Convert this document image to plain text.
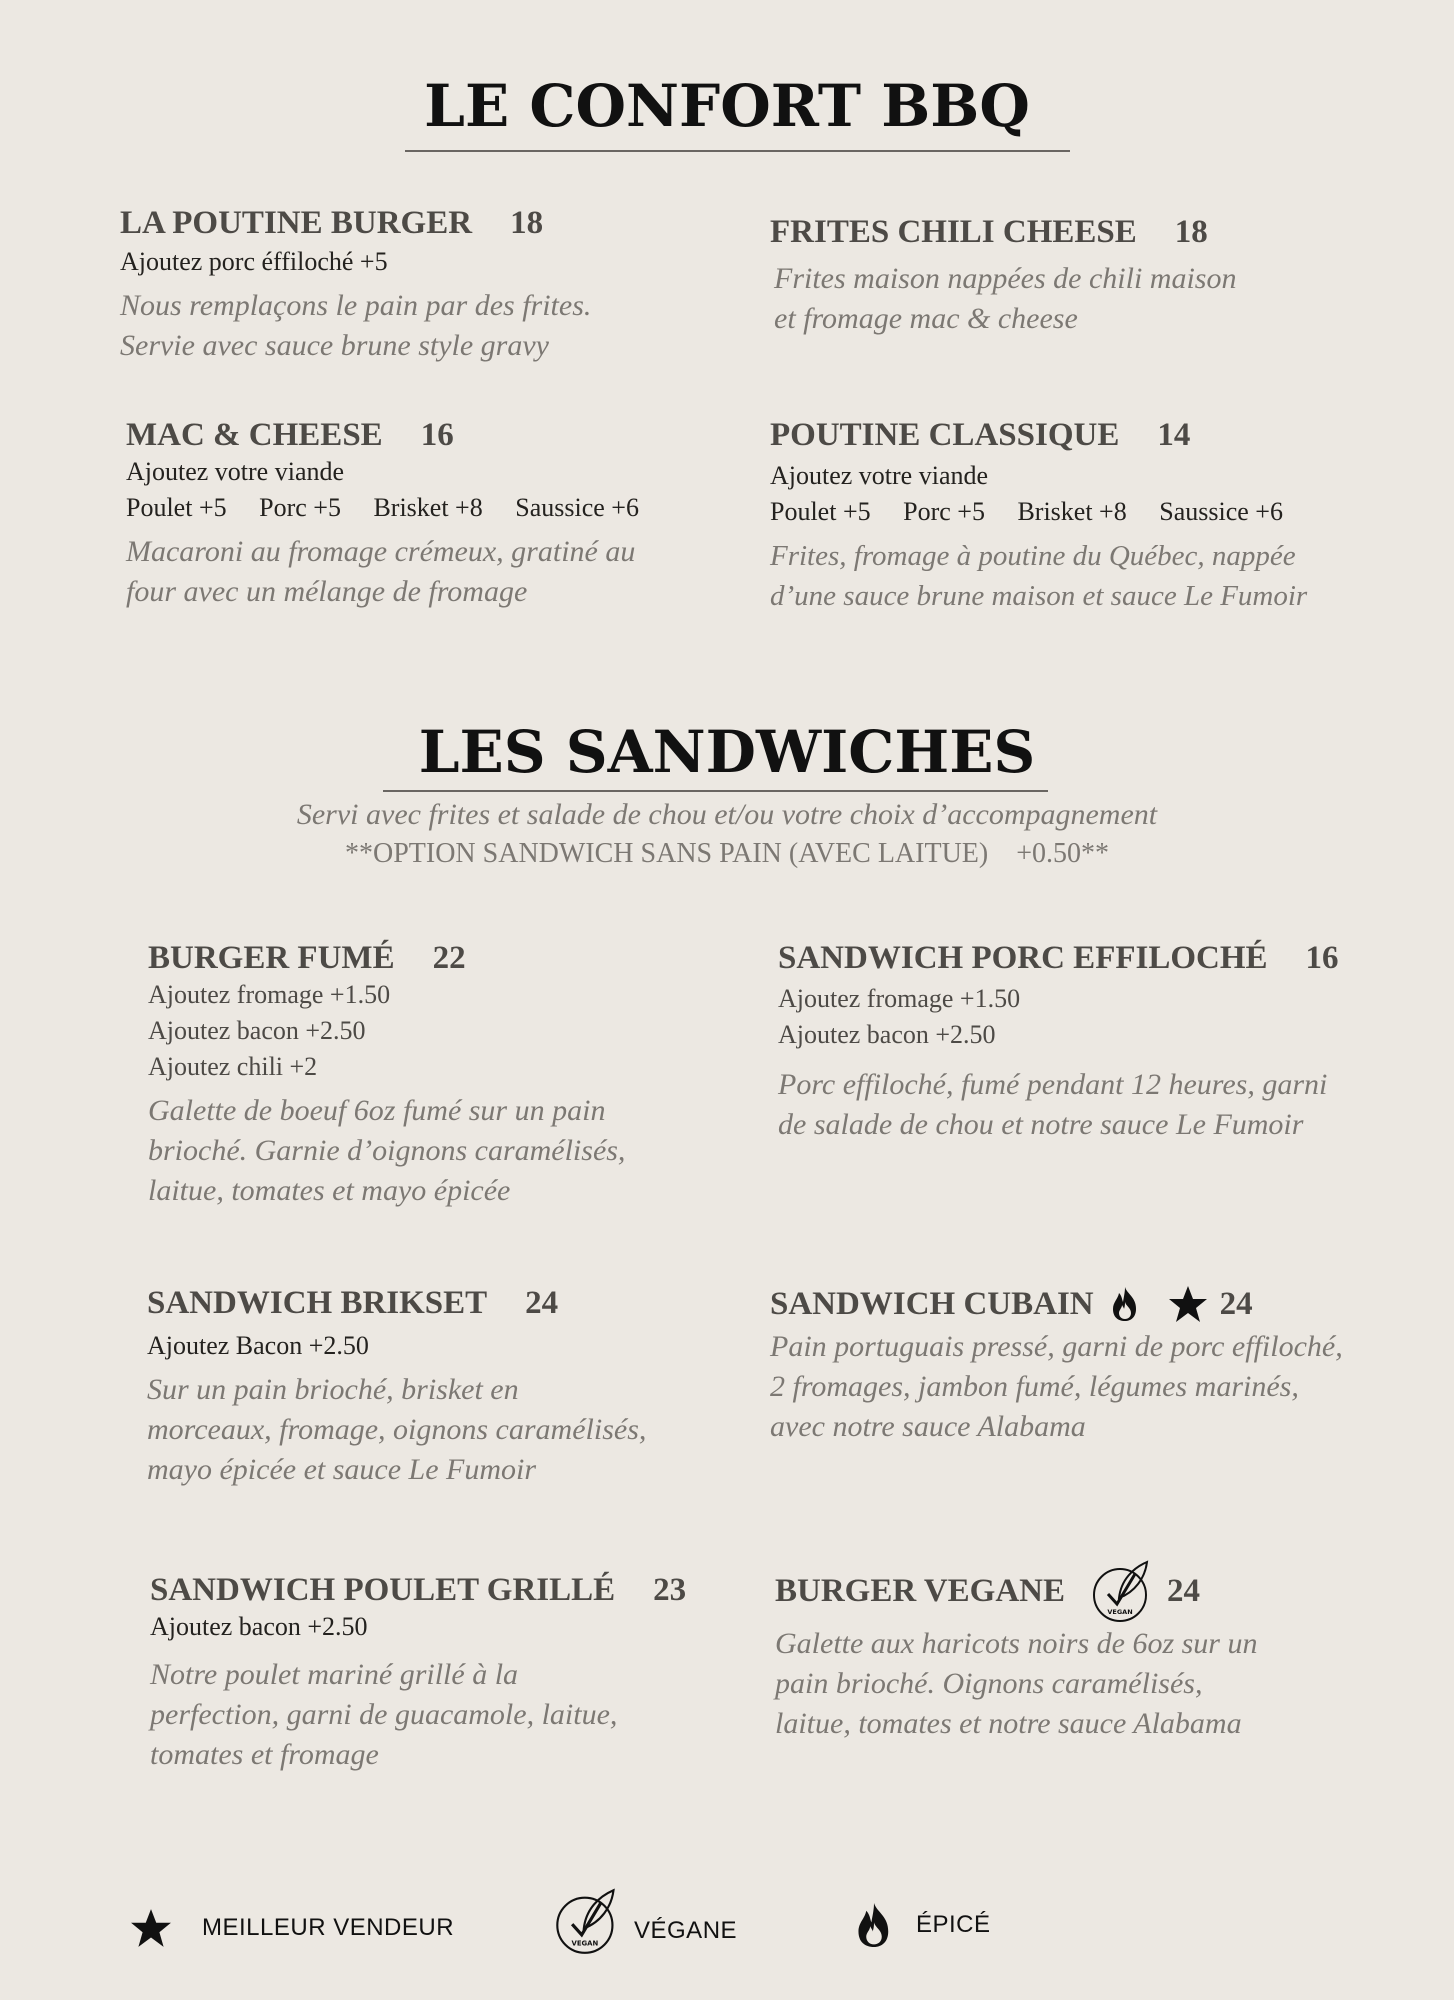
LE CONFORT BBQ
LA POUTINE BURGER 18
Ajoutez porc éffiloché +5
Nous remplaçons le pain par des frites.
Servie avec sauce brune style gravy
FRITES CHILI CHEESE 18
Frites maison nappées de chili maison
et fromage mac & cheese
MAC & CHEESE 16
Ajoutez votre viande
Poulet +5 Porc +5 Brisket +8 Saussice +6
Macaroni au fromage crémeux, gratiné au
four avec un mélange de fromage
POUTINE CLASSIQUE 14
Ajoutez votre viande
Poulet +5 Porc +5 Brisket +8 Saussice +6
Frites, fromage à poutine du Québec, nappée
d’une sauce brune maison et sauce Le Fumoir
LES SANDWICHES
Servi avec frites et salade de chou et/ou votre choix d’accompagnement
**OPTION SANDWICH SANS PAIN (AVEC LAITUE)    +0.50**
BURGER FUMÉ 22
Ajoutez fromage +1.50
Ajoutez bacon +2.50
Ajoutez chili +2
Galette de boeuf 6oz fumé sur un pain
brioché. Garnie d’oignons caramélisés,
laitue, tomates et mayo épicée
SANDWICH PORC EFFILOCHÉ 16
Ajoutez fromage +1.50
Ajoutez bacon +2.50
Porc effiloché, fumé pendant 12 heures, garni
de salade de chou et notre sauce Le Fumoir
SANDWICH BRIKSET 24
Ajoutez Bacon +2.50
Sur un pain brioché, brisket en
morceaux, fromage, oignons caramélisés,
mayo épicée et sauce Le Fumoir
SANDWICH CUBAIN	24
Pain portuguais pressé, garni de porc effiloché,
2 fromages, jambon fumé, légumes marinés,
avec notre sauce Alabama
SANDWICH POULET GRILLÉ 23
Ajoutez bacon +2.50
Notre poulet mariné grillé à la
perfection, garni de guacamole, laitue,
tomates et fromage
BURGER VEGANE
VEGAN
24
Galette aux haricots noirs de 6oz sur un
pain brioché. Oignons caramélisés,
laitue, tomates et notre sauce Alabama
MEILLEUR VENDEUR
VEGAN VÉGANE	ÉPICÉ
